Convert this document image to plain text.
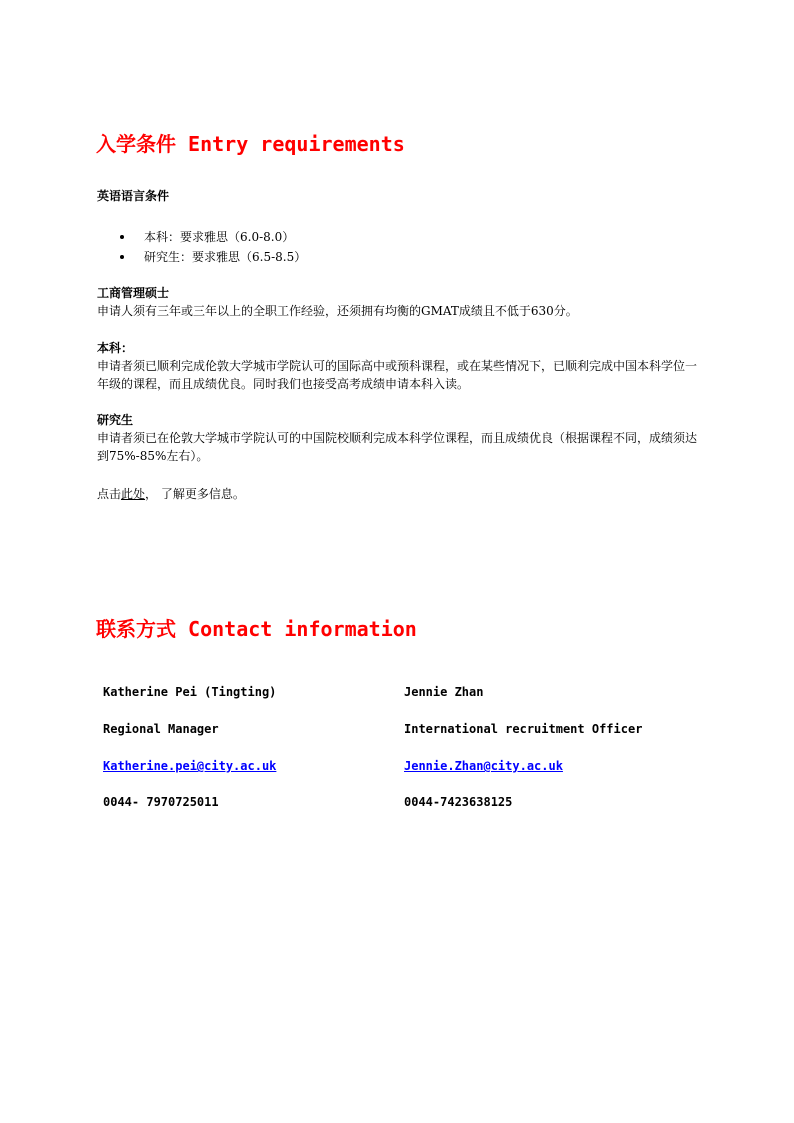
入学条件 Entry requirements

英语语言条件

本科：要求雅思（6.0-8.0）
研究生：要求雅思（6.5-8.5）

工商管理硕士

申请人须有三年或三年以上的全职工作经验，还须拥有均衡的GMAT成绩且不低于630分。

本科：

申请者须已顺利完成伦敦大学城市学院认可的国际高中或预科课程，或在某些情况下，已顺利完成中国本科学位一年级的课程，而且成绩优良。同时我们也接受高考成绩申请本科入读。

研究生

申请者须已在伦敦大学城市学院认可的中国院校顺利完成本科学位课程，而且成绩优良（根据课程不同，成绩须达到75%-85%左右）。

点击此处， 了解更多信息。

联系方式 Contact information

Katherine Pei (Tingting)

Regional Manager

Katherine.pei@city.ac.uk

0044- 7970725011

Jennie Zhan

International recruitment Officer

Jennie.Zhan@city.ac.uk

0044-7423638125
